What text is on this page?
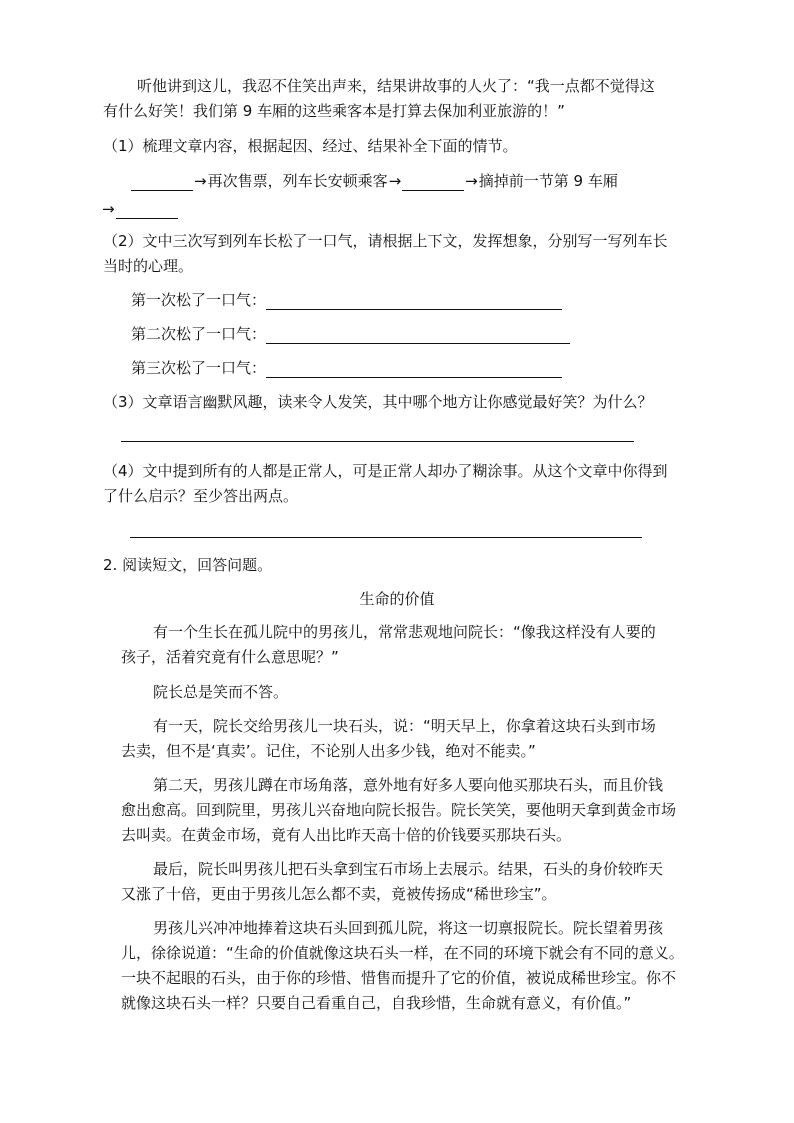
听他讲到这儿，我忍不住笑出声来，结果讲故事的人火了：“我一点都不觉得这
有什么好笑！我们第 9 车厢的这些乘客本是打算去保加利亚旅游的！”
（1）梳理文章内容，根据起因、经过、结果补全下面的情节。
→再次售票，列车长安顿乘客→	→摘掉前一节第 9 车厢
→
（2）文中三次写到列车长松了一口气，请根据上下文，发挥想象，分别写一写列车长
当时的心理。
第一次松了一口气：
第二次松了一口气：
第三次松了一口气：
（3）文章语言幽默风趣，读来令人发笑，其中哪个地方让你感觉最好笑？为什么？
（4）文中提到所有的人都是正常人，可是正常人却办了糊涂事。从这个文章中你得到
了什么启示？至少答出两点。
2. 阅读短文，回答问题。
生命的价值
有一个生长在孤儿院中的男孩儿，常常悲观地问院长：“像我这样没有人要的
孩子，活着究竟有什么意思呢？”
院长总是笑而不答。
有一天，院长交给男孩儿一块石头，说：“明天早上，你拿着这块石头到市场
去卖，但不是‘真卖’。记住，不论别人出多少钱，绝对不能卖。”
第二天，男孩儿蹲在市场角落，意外地有好多人要向他买那块石头，而且价钱
愈出愈高。回到院里，男孩儿兴奋地向院长报告。院长笑笑，要他明天拿到黄金市场
去叫卖。在黄金市场，竟有人出比昨天高十倍的价钱要买那块石头。
最后，院长叫男孩儿把石头拿到宝石市场上去展示。结果，石头的身价较昨天
又涨了十倍，更由于男孩儿怎么都不卖，竟被传扬成“稀世珍宝”。
男孩儿兴冲冲地捧着这块石头回到孤儿院，将这一切禀报院长。院长望着男孩
儿，徐徐说道：“生命的价值就像这块石头一样，在不同的环境下就会有不同的意义。
一块不起眼的石头，由于你的珍惜、惜售而提升了它的价值，被说成稀世珍宝。你不
就像这块石头一样？只要自己看重自己，自我珍惜，生命就有意义，有价值。”
